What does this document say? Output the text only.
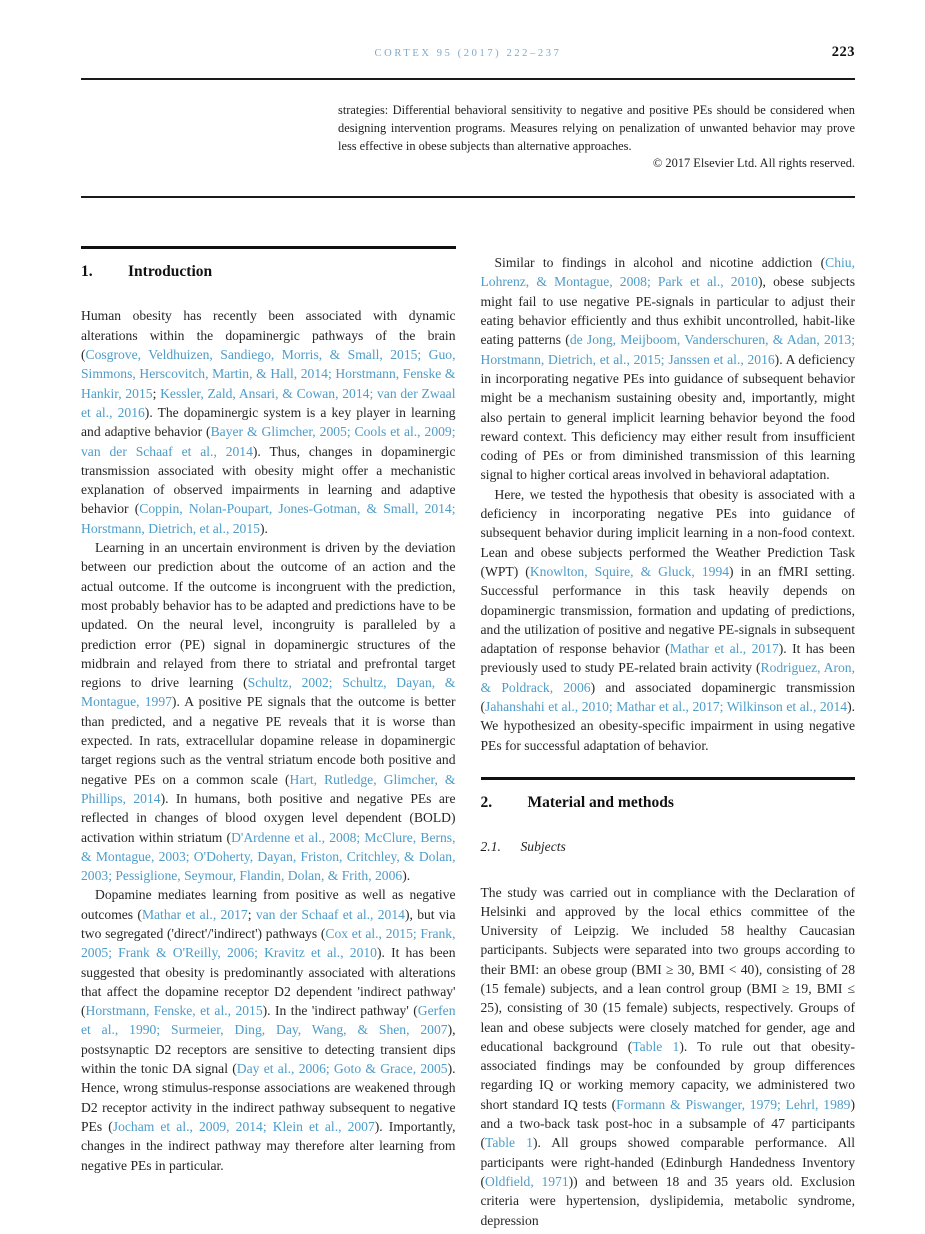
CORTEX 95 (2017) 222–237	223

strategies: Differential behavioral sensitivity to negative and positive PEs should be considered when designing intervention programs. Measures relying on penalization of unwanted behavior may prove less effective in obese subjects than alternative approaches.

© 2017 Elsevier Ltd. All rights reserved.
1. Introduction

Human obesity has recently been associated with dynamic alterations within the dopaminergic pathways of the brain (Cosgrove, Veldhuizen, Sandiego, Morris, & Small, 2015; Guo, Simmons, Herscovitch, Martin, & Hall, 2014; Horstmann, Fenske & Hankir, 2015; Kessler, Zald, Ansari, & Cowan, 2014; van der Zwaal et al., 2016). The dopaminergic system is a key player in learning and adaptive behavior (Bayer & Glimcher, 2005; Cools et al., 2009; van der Schaaf et al., 2014). Thus, changes in dopaminergic transmission associated with obesity might offer a mechanistic explanation of observed impairments in learning and adaptive behavior (Coppin, Nolan-Poupart, Jones-Gotman, & Small, 2014; Horstmann, Dietrich, et al., 2015).

Learning in an uncertain environment is driven by the deviation between our prediction about the outcome of an action and the actual outcome. If the outcome is incongruent with the prediction, most probably behavior has to be adapted and predictions have to be updated. On the neural level, incongruity is paralleled by a prediction error (PE) signal in dopaminergic structures of the midbrain and relayed from there to striatal and prefrontal target regions to drive learning (Schultz, 2002; Schultz, Dayan, & Montague, 1997). A positive PE signals that the outcome is better than predicted, and a negative PE reveals that it is worse than expected. In rats, extracellular dopamine release in dopaminergic target regions such as the ventral striatum encode both positive and negative PEs on a common scale (Hart, Rutledge, Glimcher, & Phillips, 2014). In humans, both positive and negative PEs are reflected in changes of blood oxygen level dependent (BOLD) activation within striatum (D'Ardenne et al., 2008; McClure, Berns, & Montague, 2003; O'Doherty, Dayan, Friston, Critchley, & Dolan, 2003; Pessiglione, Seymour, Flandin, Dolan, & Frith, 2006).

Dopamine mediates learning from positive as well as negative outcomes (Mathar et al., 2017; van der Schaaf et al., 2014), but via two segregated ('direct'/'indirect') pathways (Cox et al., 2015; Frank, 2005; Frank & O'Reilly, 2006; Kravitz et al., 2010). It has been suggested that obesity is predominantly associated with alterations that affect the dopamine receptor D2 dependent 'indirect pathway' (Horstmann, Fenske, et al., 2015). In the 'indirect pathway' (Gerfen et al., 1990; Surmeier, Ding, Day, Wang, & Shen, 2007), postsynaptic D2 receptors are sensitive to detecting transient dips within the tonic DA signal (Day et al., 2006; Goto & Grace, 2005). Hence, wrong stimulus-response associations are weakened through D2 receptor activity in the indirect pathway subsequent to negative PEs (Jocham et al., 2009, 2014; Klein et al., 2007). Importantly, changes in the indirect pathway may therefore alter learning from negative PEs in particular.

Similar to findings in alcohol and nicotine addiction (Chiu, Lohrenz, & Montague, 2008; Park et al., 2010), obese subjects might fail to use negative PE-signals in particular to adjust their eating behavior efficiently and thus exhibit uncontrolled, habit-like eating patterns (de Jong, Meijboom, Vanderschuren, & Adan, 2013; Horstmann, Dietrich, et al., 2015; Janssen et al., 2016). A deficiency in incorporating negative PEs into guidance of subsequent behavior might be a mechanism sustaining obesity and, importantly, might also pertain to general implicit learning behavior beyond the food reward context. This deficiency may either result from insufficient coding of PEs or from diminished transmission of this learning signal to higher cortical areas involved in behavioral adaptation.

Here, we tested the hypothesis that obesity is associated with a deficiency in incorporating negative PEs into guidance of subsequent behavior during implicit learning in a non-food context. Lean and obese subjects performed the Weather Prediction Task (WPT) (Knowlton, Squire, & Gluck, 1994) in an fMRI setting. Successful performance in this task heavily depends on dopaminergic transmission, formation and updating of predictions, and the utilization of positive and negative PE-signals in subsequent adaptation of response behavior (Mathar et al., 2017). It has been previously used to study PE-related brain activity (Rodriguez, Aron, & Poldrack, 2006) and associated dopaminergic transmission (Jahanshahi et al., 2010; Mathar et al., 2017; Wilkinson et al., 2014). We hypothesized an obesity-specific impairment in using negative PEs for successful adaptation of behavior.

2. Material and methods
2.1. Subjects

The study was carried out in compliance with the Declaration of Helsinki and approved by the local ethics committee of the University of Leipzig. We included 58 healthy Caucasian participants. Subjects were separated into two groups according to their BMI: an obese group (BMI ≥ 30, BMI < 40), consisting of 28 (15 female) subjects, and a lean control group (BMI ≥ 19, BMI ≤ 25), consisting of 30 (15 female) subjects, respectively. Groups of lean and obese subjects were closely matched for gender, age and educational background (Table 1). To rule out that obesity-associated findings may be confounded by group differences regarding IQ or working memory capacity, we administered two short standard IQ tests (Formann & Piswanger, 1979; Lehrl, 1989) and a two-back task post-hoc in a subsample of 47 participants (Table 1). All groups showed comparable performance. All participants were right-handed (Edinburgh Handedness Inventory (Oldfield, 1971)) and between 18 and 35 years old. Exclusion criteria were hypertension, dyslipidemia, metabolic syndrome, depression
